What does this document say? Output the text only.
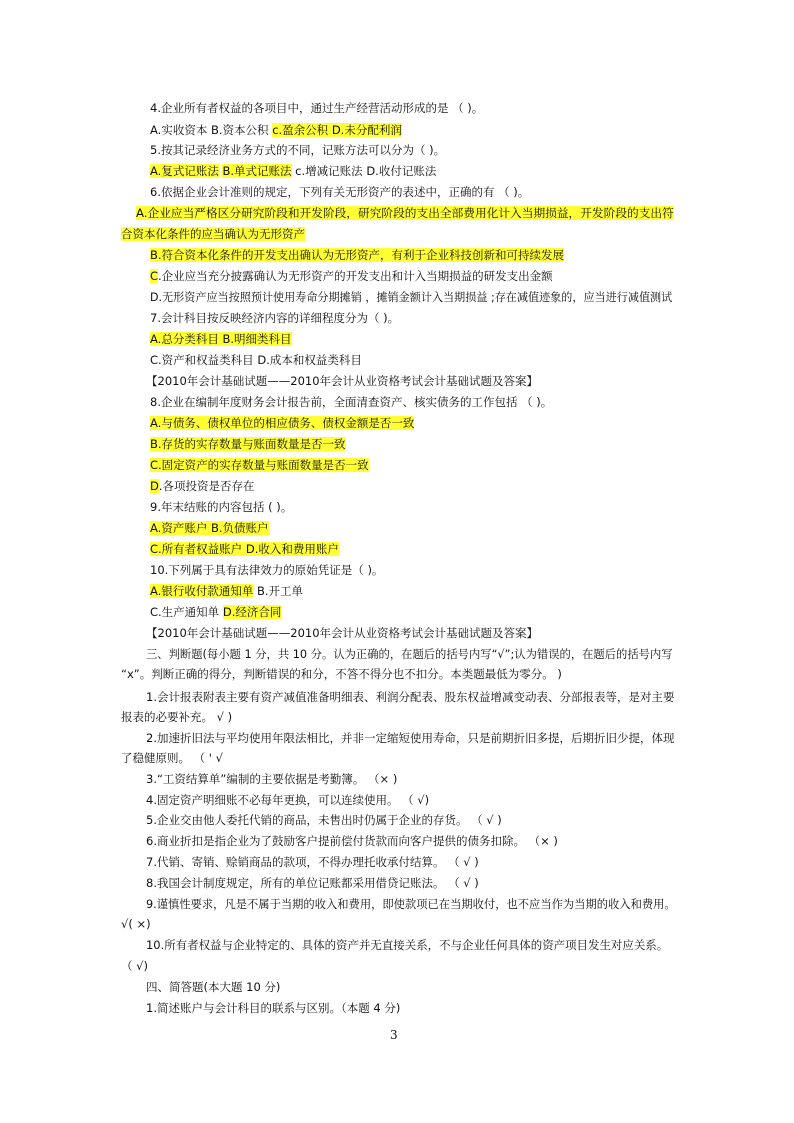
4.企业所有者权益的各项目中，通过生产经营活动形成的是 （ )。
A.实收资本 B.资本公积 c.盈余公积 D.未分配利润
5.按其记录经济业务方式的不同，记账方法可以分为（ )。
A.复式记账法 B.单式记账法 c.增减记账法 D.收付记账法
6.依据企业会计准则的规定，下列有关无形资产的表述中，正确的有 （ )。
A.企业应当严格区分研究阶段和开发阶段，研究阶段的支出全部费用化计入当期损益，开发阶段的支出符
合资本化条件的应当确认为无形资产
B.符合资本化条件的开发支出确认为无形资产，有利于企业科技创新和可持续发展
C.企业应当充分披露确认为无形资产的开发支出和计入当期损益的研发支出金额
D.无形资产应当按照预计使用寿命分期摊销 ，摊销金额计入当期损益 ;存在减值迹象的，应当进行减值测试
7.会计科目按反映经济内容的详细程度分为（ )。
A.总分类科目 B.明细类科目
C.资产和权益类科目 D.成本和权益类科目
【2010年会计基础试题——2010年会计从业资格考试会计基础试题及答案】
8.企业在编制年度财务会计报告前，全面清查资产、核实债务的工作包括 （ )。
A.与债务、债权单位的相应债务、债权金额是否一致
B.存货的实存数量与账面数量是否一致
C.固定资产的实存数量与账面数量是否一致
D.各项投资是否存在
9.年末结账的内容包括 ( )。
A.资产账户 B.负债账户
C.所有者权益账户 D.收入和费用账户
10.下列属于具有法律效力的原始凭证是（ )。
A.银行收付款通知单 B.开工单
C.生产通知单 D.经济合同
【2010年会计基础试题——2010年会计从业资格考试会计基础试题及答案】
三、判断题(每小题 1 分，共 10 分。认为正确的，在题后的括号内写“√”;认为错误的，在题后的括号内写
“x”。判断正确的得分，判断错误的和分，不答不得分也不扣分。本类题最低为零分。 )
1.会计报表附表主要有资产减值准备明细表、利润分配表、股东权益增减变动表、分部报表等，是对主要
报表的必要补充。 √ )
2.加速折旧法与平均使用年限法相比，并非一定缩短使用寿命，只是前期折旧多提，后期折旧少提，体现
了稳健原则。 （ ' √
3.“工资结算单”编制的主要依据是考勤簿。 （× )
4.固定资产明细账不必每年更换，可以连续使用。 （ √)
5.企业交由他人委托代销的商品，未售出时仍属于企业的存货。 （ √ )
6.商业折扣是指企业为了鼓励客户提前偿付货款而向客户提供的债务扣除。 （× )
7.代销、寄销、赊销商品的款项，不得办理托收承付结算。 （ √ )
8.我国会计制度规定，所有的单位记账都采用借贷记账法。 （ √ )
9.谨慎性要求，凡是不属于当期的收入和费用，即使款项已在当期收付，也不应当作为当期的收入和费用。
√( ×)
10.所有者权益与企业特定的、具体的资产并无直接关系，不与企业任何具体的资产项目发生对应关系。
（ √)
四、简答题(本大题 10 分)
1.简述账户与会计科目的联系与区别。（本题 4 分)
3
